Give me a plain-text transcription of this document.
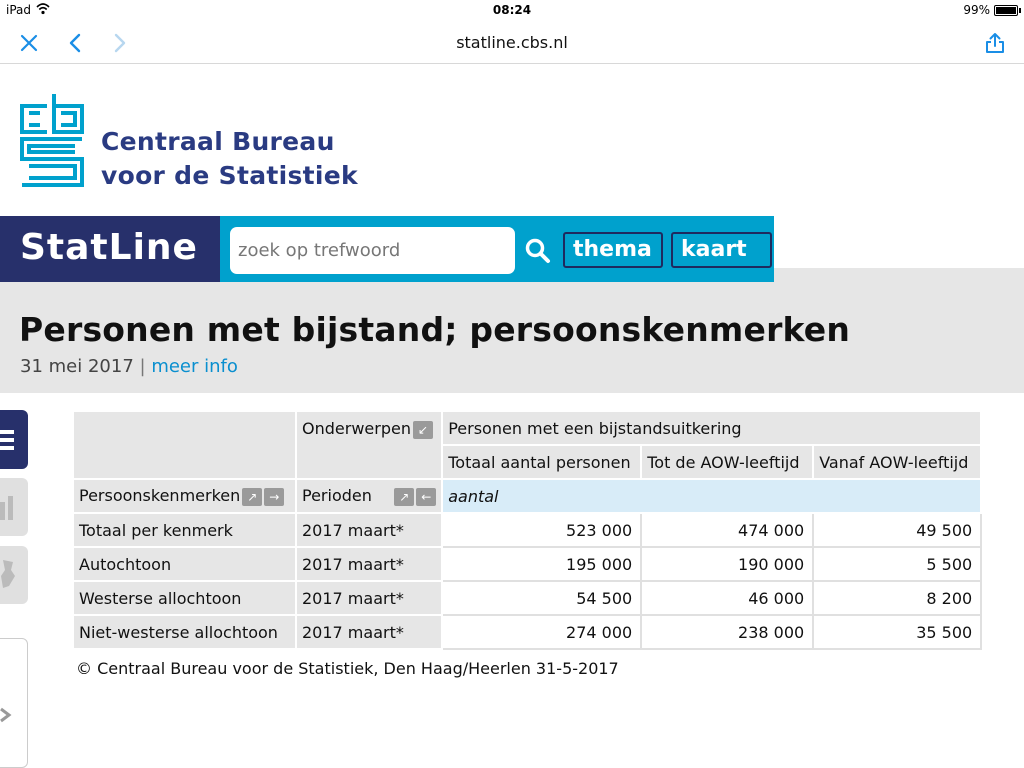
iPad	08:24	99%
statline.cbs.nl
Centraal Bureau
voor de Statistiek
Personen met bijstand; persoonskenmerken
31 mei 2017 | meer info
StatLine
zoek op trefwoord	thema	kaart
	Onderwerpen ↙	Personen met een bijstandsuitkering		
		Totaal aantal personen	Tot de AOW-leeftijd	Vanaf AOW-leeftijd
Persoonskenmerken ↗ →	Perioden ↗ ←	aantal		
Totaal per kenmerk	2017 maart*	523 000	474 000	49 500
Autochtoon	2017 maart*	195 000	190 000	5 500
Westerse allochtoon	2017 maart*	54 500	46 000	8 200
Niet-westerse allochtoon	2017 maart*	274 000	238 000	35 500
© Centraal Bureau voor de Statistiek, Den Haag/Heerlen 31-5-2017
